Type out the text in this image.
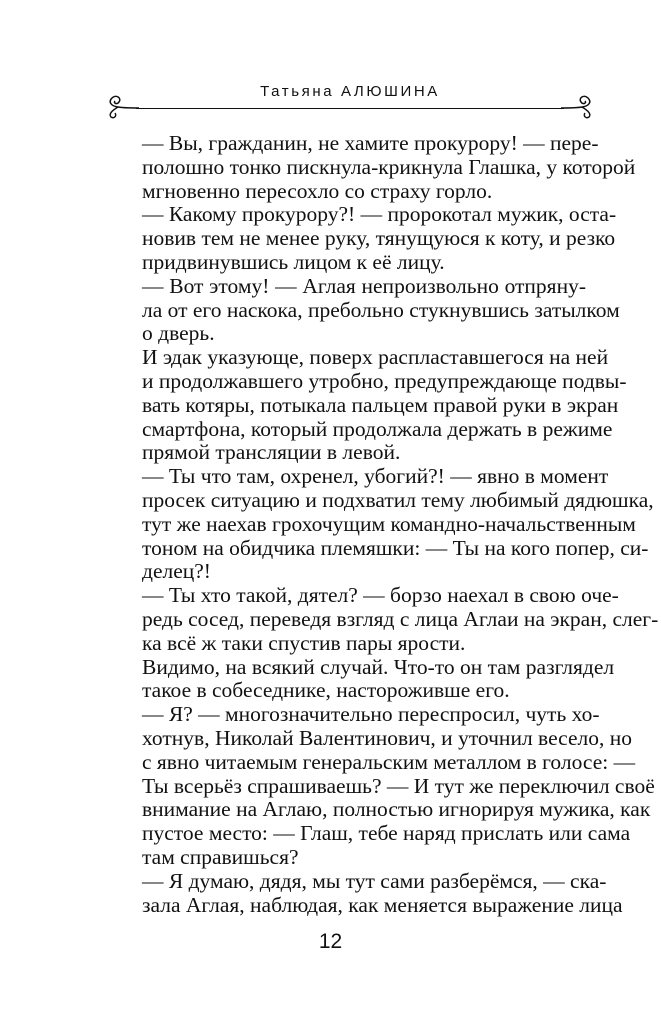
Татьяна АЛЮШИНА

— Вы, гражданин, не хамите прокурору! — пере-
полошно тонко пискнула-крикнула Глашка, у которой
мгновенно пересохло со страху горло.

— Какому прокурору?! — пророкотал мужик, оста-
новив тем не менее руку, тянущуюся к коту, и резко
придвинувшись лицом к её лицу.

— Вот этому! — Аглая непроизвольно отпряну-
ла от его наскока, пребольно стукнувшись затылком
о дверь.

И эдак указующе, поверх распластавшегося на ней
и продолжавшего утробно, предупреждающе подвы-
вать котяры, потыкала пальцем правой руки в экран
смартфона, который продолжала держать в режиме
прямой трансляции в левой.

— Ты что там, охренел, убогий?! — явно в момент
просек ситуацию и подхватил тему любимый дядюшка,
тут же наехав грохочущим командно-начальственным
тоном на обидчика племяшки: — Ты на кого попер, си-
делец?!

— Ты хто такой, дятел? — борзо наехал в свою оче-
редь сосед, переведя взгляд с лица Аглаи на экран, слег-
ка всё ж таки спустив пары ярости.

Видимо, на всякий случай. Что-то он там разглядел
такое в собеседнике, настороживше его.

— Я? — многозначительно переспросил, чуть хо-
хотнув, Николай Валентинович, и уточнил весело, но
с явно читаемым генеральским металлом в голосе: —
Ты всерьёз спрашиваешь? — И тут же переключил своё
внимание на Аглаю, полностью игнорируя мужика, как
пустое место: — Глаш, тебе наряд прислать или сама
там справишься?

— Я думаю, дядя, мы тут сами разберёмся, — ска-
зала Аглая, наблюдая, как меняется выражение лица

12
